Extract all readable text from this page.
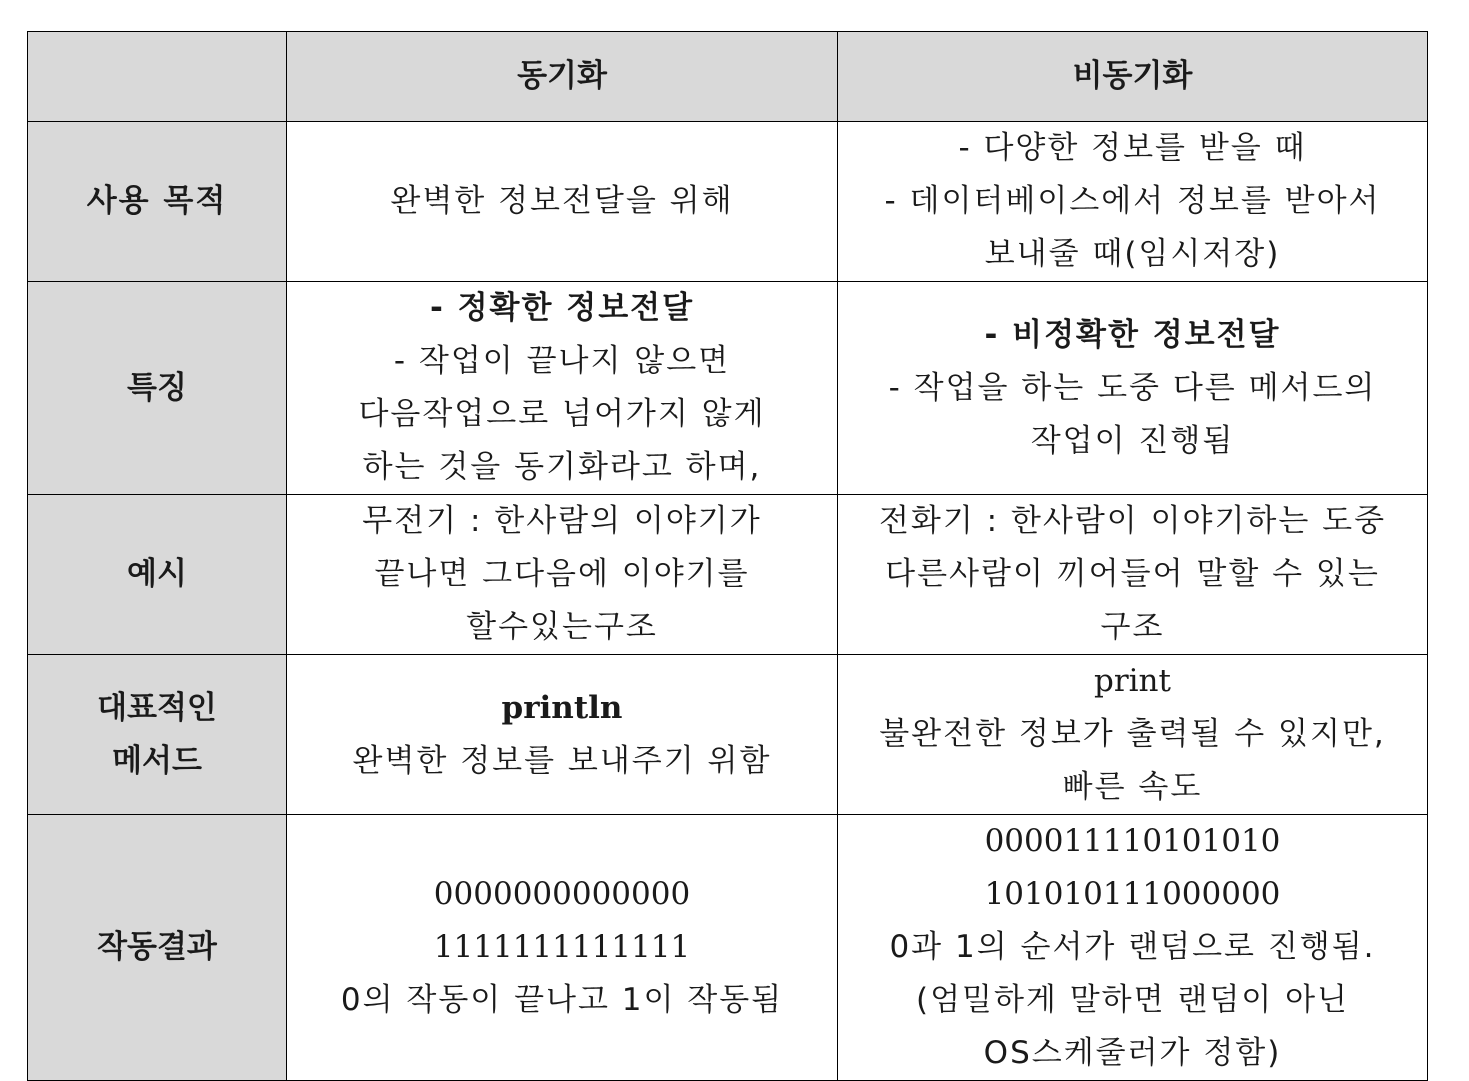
	동기화	비동기화
사용 목적	완벽한 정보전달을 위해	- 다양한 정보를 받을 때
- 데이터베이스에서 정보를 받아서
보내줄 때(임시저장)

특징	- 정확한 정보전달
- 작업이 끝나지 않으면
다음작업으로 넘어가지 않게
하는 것을 동기화라고 하며,	- 비정확한 정보전달
- 작업을 하는 도중 다른 메서드의
작업이 진행됨

예시	무전기 : 한사람의 이야기가
끝나면 그다음에 이야기를
할수있는구조	전화기 : 한사람이 이야기하는 도중
다른사람이 끼어들어 말할 수 있는
구조

대표적인
메서드	println
완벽한 정보를 보내주기 위함	print
불완전한 정보가 출력될 수 있지만,
빠른 속도

작동결과	0000000000000
1111111111111
0의 작동이 끝나고 1이 작동됨	000011110101010
101010111000000
0과 1의 순서가 랜덤으로 진행됨.
(엄밀하게 말하면 랜덤이 아닌
OS스케줄러가 정함)
